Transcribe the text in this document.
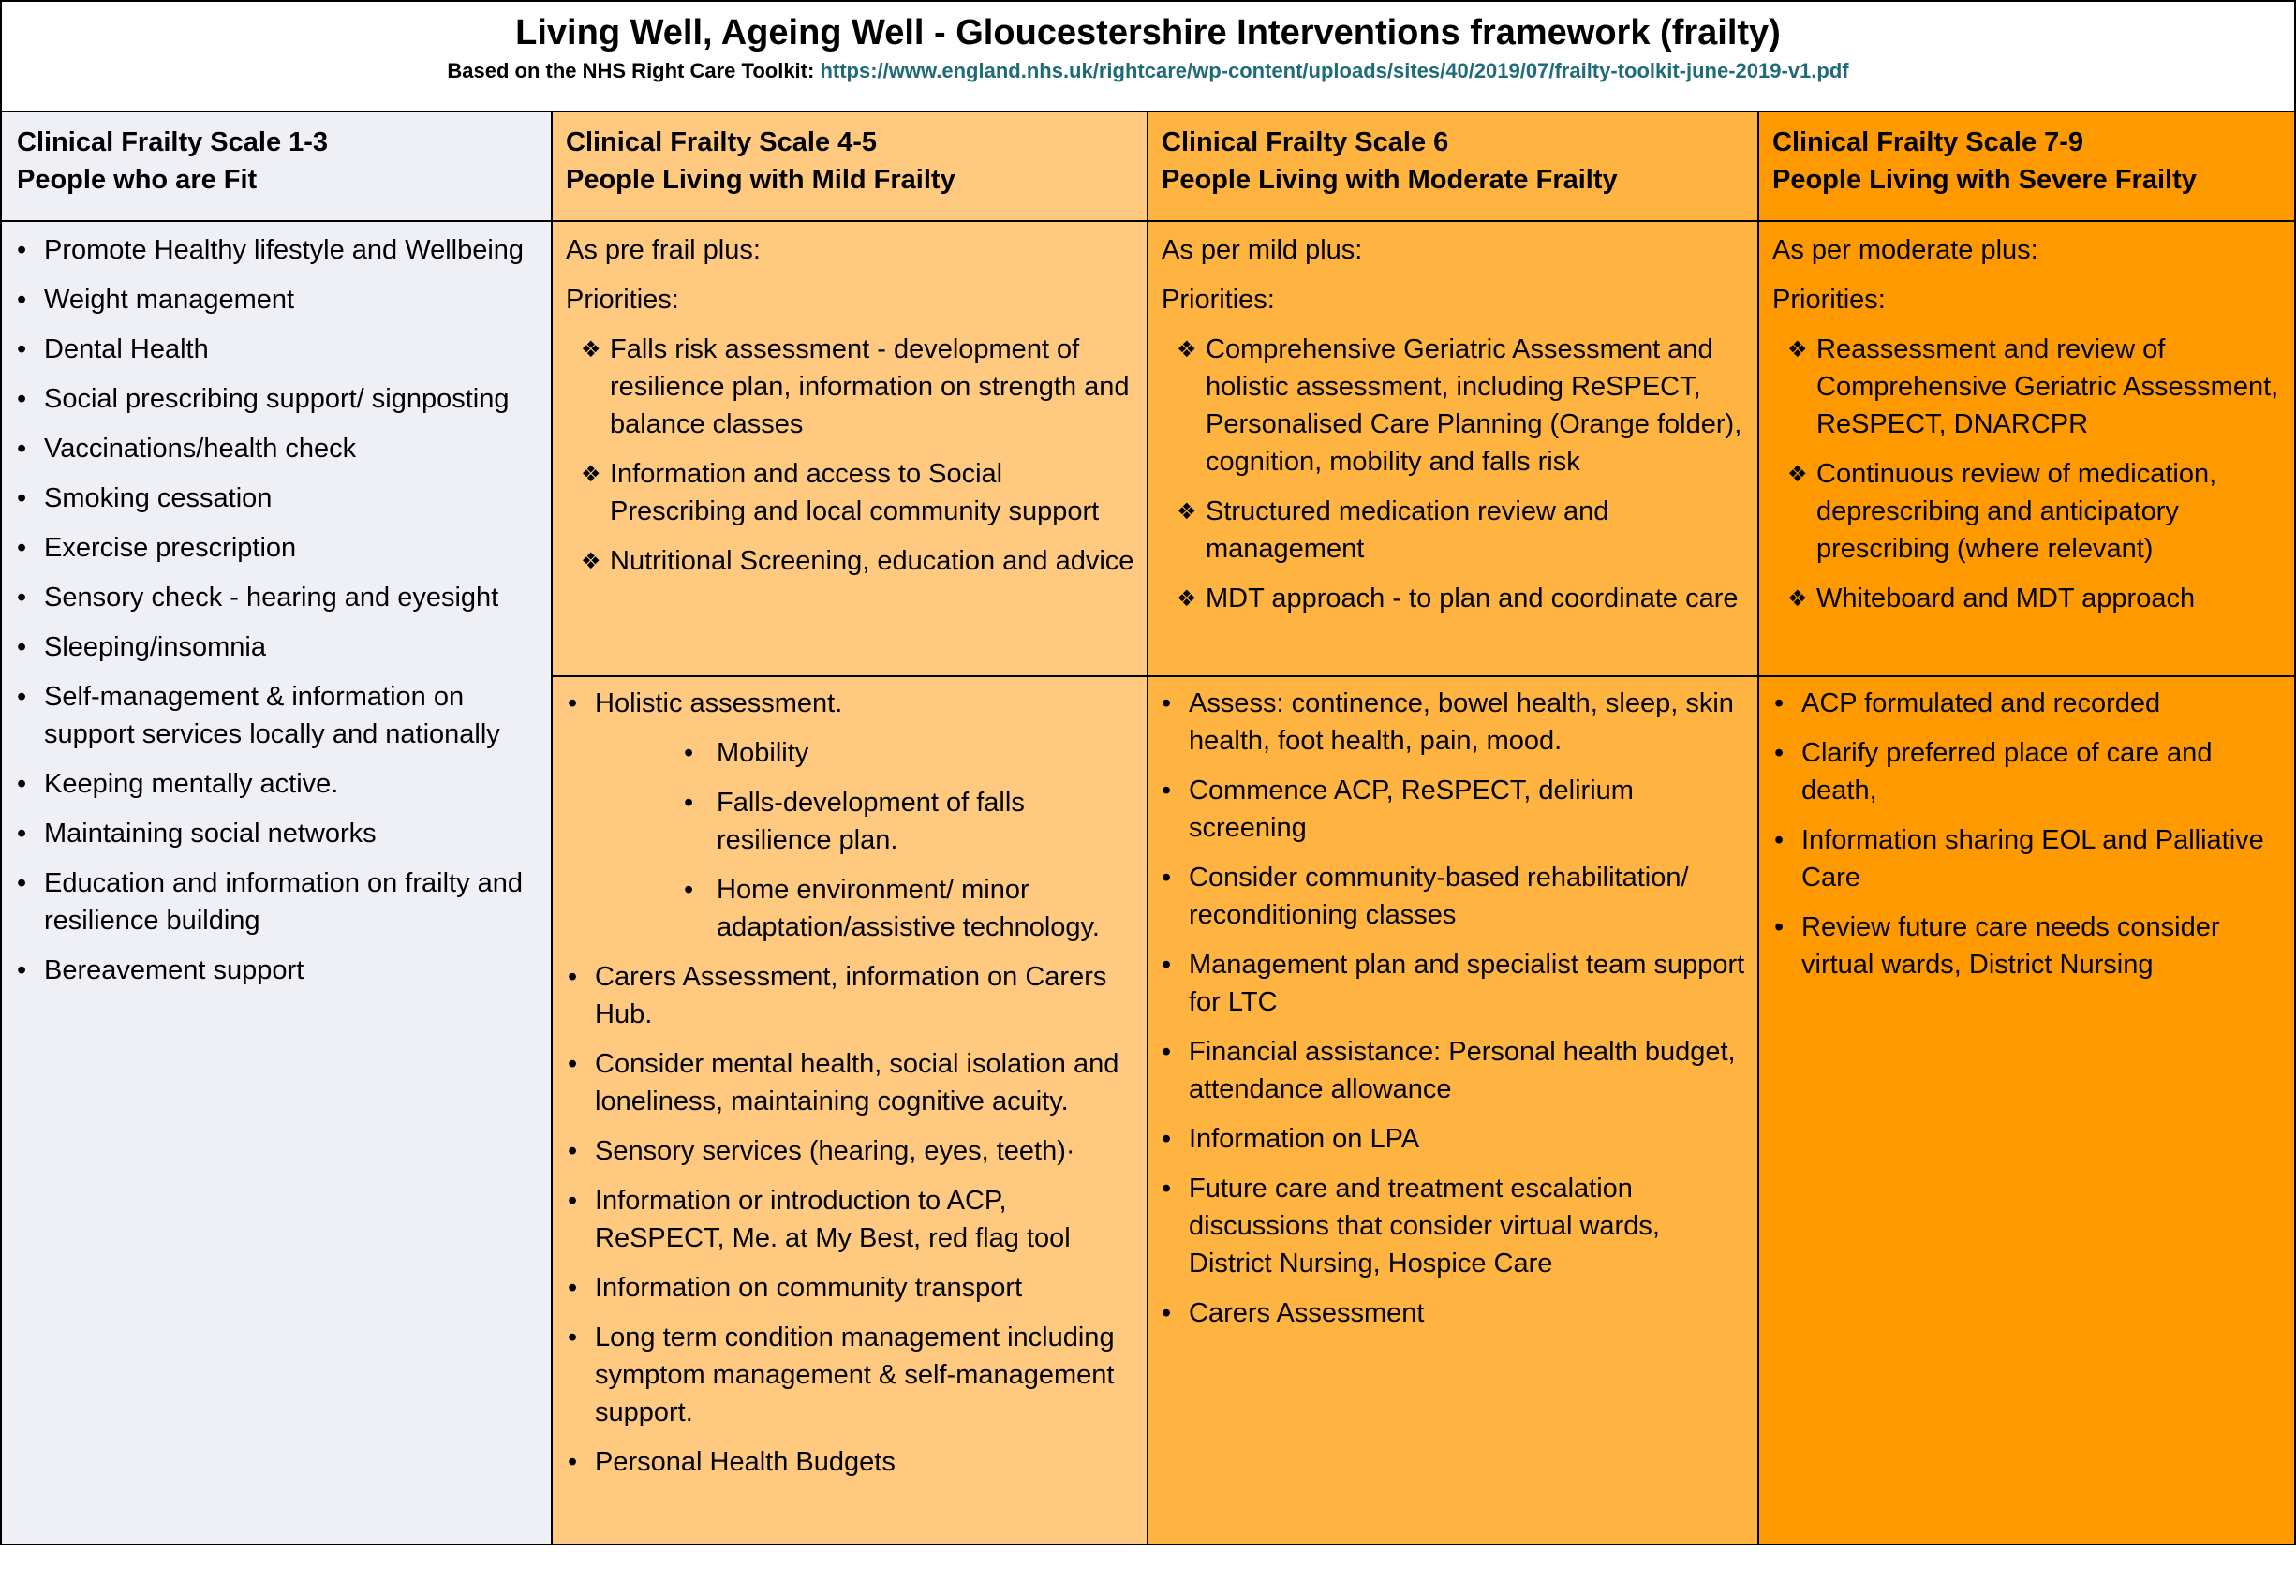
Living Well, Ageing Well - Gloucestershire Interventions framework (frailty)
Based on the NHS Right Care Toolkit: https://www.england.nhs.uk/rightcare/wp-content/uploads/sites/40/2019/07/frailty-toolkit-june-2019-v1.pdf
Clinical Frailty Scale 1-3
People who are Fit
Clinical Frailty Scale 4-5
People Living with Mild Frailty
Clinical Frailty Scale 6
People Living with Moderate Frailty
Clinical Frailty Scale 7-9
People Living with Severe Frailty
• Promote Healthy lifestyle and Wellbeing
• Weight management
• Dental Health
• Social prescribing support/ signposting
• Vaccinations/health check
• Smoking cessation
• Exercise prescription
• Sensory check - hearing and eyesight
• Sleeping/insomnia
• Self-management & information on support services locally and nationally
• Keeping mentally active.
• Maintaining social networks
• Education and information on frailty and resilience building
• Bereavement support
As pre frail plus:
Priorities:
❖ Falls risk assessment - development of resilience plan, information on strength and balance classes
❖ Information and access to Social Prescribing and local community support
❖ Nutritional Screening, education and advice
As per mild plus:
Priorities:
❖ Comprehensive Geriatric Assessment and holistic assessment, including ReSPECT, Personalised Care Planning (Orange folder), cognition, mobility and falls risk
❖ Structured medication review and management
❖ MDT approach - to plan and coordinate care
As per moderate plus:
Priorities:
❖ Reassessment and review of Comprehensive Geriatric Assessment, ReSPECT, DNARCPR
❖ Continuous review of medication, deprescribing and anticipatory prescribing (where relevant)
❖ Whiteboard and MDT approach
• Holistic assessment.
• Mobility
• Falls-development of falls resilience plan.
• Home environment/ minor adaptation/assistive technology.
• Carers Assessment, information on Carers Hub.
• Consider mental health, social isolation and loneliness, maintaining cognitive acuity.
• Sensory services (hearing, eyes, teeth)·
• Information or introduction to ACP, ReSPECT, Me. at My Best, red flag tool
• Information on community transport
• Long term condition management including symptom management & self-management support.
• Personal Health Budgets
• Assess: continence, bowel health, sleep, skin health, foot health, pain, mood.
• Commence ACP, ReSPECT, delirium screening
• Consider community-based rehabilitation/ reconditioning classes
• Management plan and specialist team support for LTC
• Financial assistance: Personal health budget, attendance allowance
• Information on LPA
• Future care and treatment escalation discussions that consider virtual wards, District Nursing, Hospice Care
• Carers Assessment
• ACP formulated and recorded
• Clarify preferred place of care and death,
• Information sharing EOL and Palliative Care
• Review future care needs consider virtual wards, District Nursing
